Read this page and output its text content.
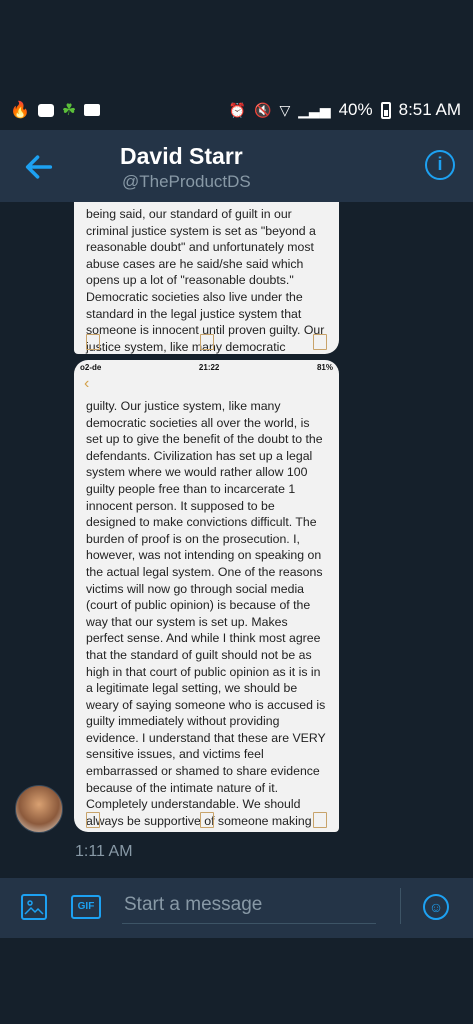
🔥 ☘	⏰ 🔇 ▽ ▁▃▅ 40% 8:51 AM
David Starr
@TheProductDS
i
being said, our standard of guilt in our criminal justice system is set as "beyond a reasonable doubt" and unfortunately most abuse cases are he said/she said which opens up a lot of "reasonable doubts." Democratic societies also live under the standard in the legal justice system that someone is innocent until proven guilty. Our justice system, like many democratic
o2-de	21:22	81%
‹
guilty. Our justice system, like many democratic societies all over the world, is set up to give the benefit of the doubt to the defendants. Civilization has set up a legal system where we would rather allow 100 guilty people free than to incarcerate 1 innocent person. It supposed to be designed to make convictions difficult. The burden of proof is on the prosecution. I, however, was not intending on speaking on the actual legal system. One of the reasons victims will now go through social media (court of public opinion) is because of the way that our system is set up. Makes perfect sense. And while I think most agree that the standard of guilt should not be as high in that court of public opinion as it is in a legitimate legal setting, we should be weary of saying someone who is accused is guilty immediately without providing evidence. I understand that these are VERY sensitive issues, and victims feel embarrassed or shamed to share evidence because of the intimate nature of it. Completely understandable. We should always be supportive of someone making
1:11 AM
GIF	Start a message	☺
